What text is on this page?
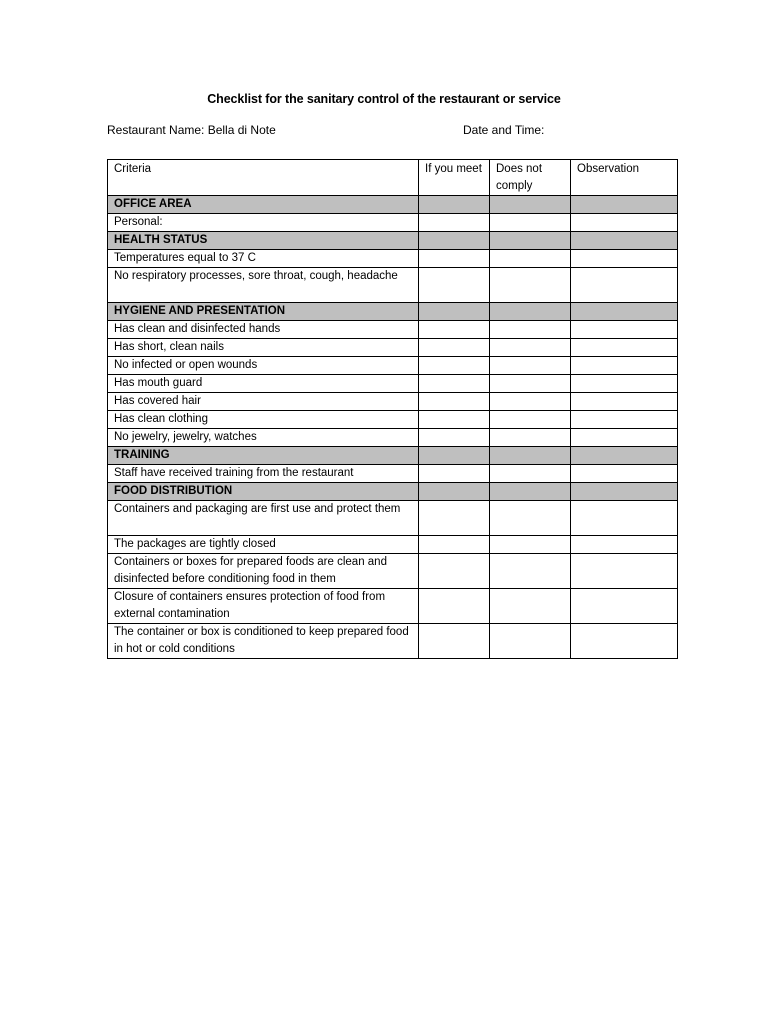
Checklist for the sanitary control of the restaurant or service
Restaurant Name: Bella di Note	Date and Time:
Criteria	If you meet	Does not comply	Observation
OFFICE AREA			
Personal:			
HEALTH STATUS			
Temperatures equal to 37 C			
No respiratory processes, sore throat, cough, headache			
HYGIENE AND PRESENTATION			
Has clean and disinfected hands			
Has short, clean nails			
No infected or open wounds			
Has mouth guard			
Has covered hair			
Has clean clothing			
No jewelry, jewelry, watches			
TRAINING			
Staff have received training from the restaurant			
FOOD DISTRIBUTION			
Containers and packaging are first use and protect them			
The packages are tightly closed			
Containers or boxes for prepared foods are clean and disinfected before conditioning food in them			
Closure of containers ensures protection of food from external contamination			
The container or box is conditioned to keep prepared food in hot or cold conditions			
